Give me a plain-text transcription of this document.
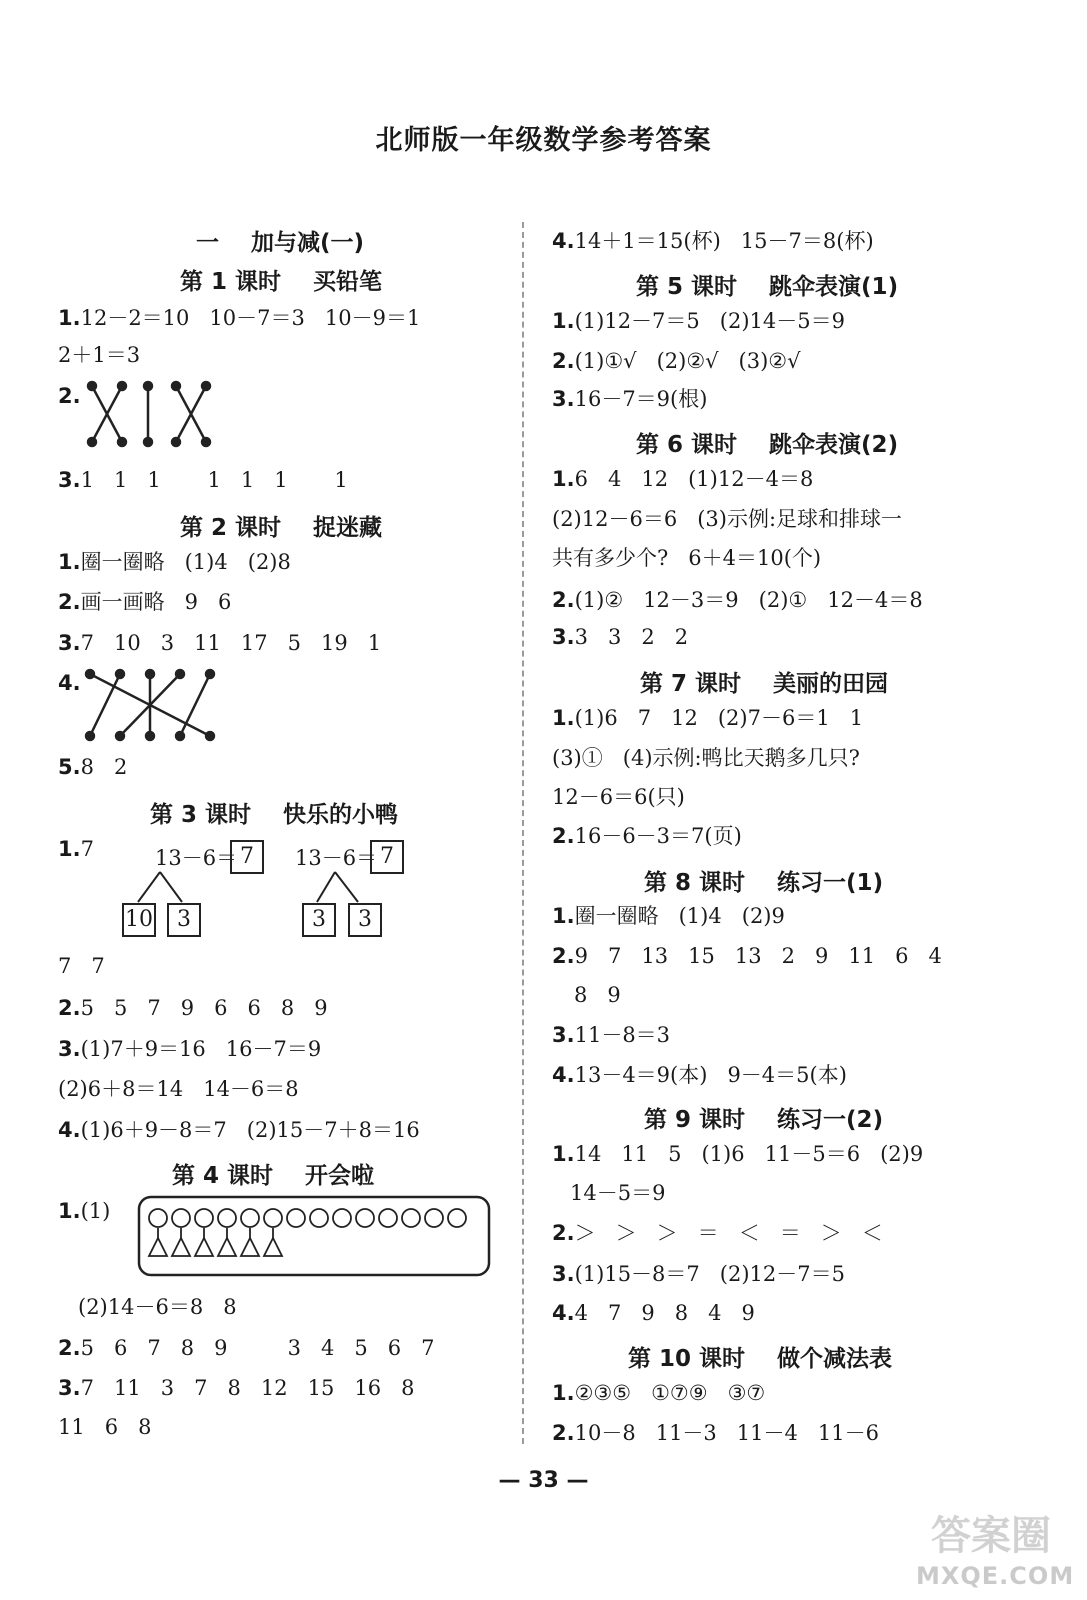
北师版一年级数学参考答案
一    加与减(一)
第 1 课时    买铅笔
1.12－2＝10   10－7＝3   10－9＝1
2＋1＝3
2.
3.1   1   1       1   1   1       1
第 2 课时    捉迷藏
1.圈一圈略   (1)4   (2)8
2.画一画略   9   6
3.7   10   3   11   17   5   19   1
4.
5.8   2
第 3 课时    快乐的小鸭
1.7	13－6＝ 7	13－6＝ 7
10	3	3	3
7   7
2.5   5   7   9   6   6   8   9
3.(1)7＋9＝16   16－7＝9
(2)6＋8＝14   14－6＝8
4.(1)6＋9－8＝7   (2)15－7＋8＝16
第 4 课时    开会啦
1.(1)
(2)14－6＝8   8
2.5   6   7   8   9         3   4   5   6   7
3.7   11   3   7   8   12   15   16   8
11   6   8
4.14＋1＝15(杯)   15－7＝8(杯)
第 5 课时    跳伞表演(1)
1.(1)12－7＝5   (2)14－5＝9
2.(1)①√   (2)②√   (3)②√
3.16－7＝9(根)
第 6 课时    跳伞表演(2)
1.6   4   12   (1)12－4＝8
(2)12－6＝6   (3)示例:足球和排球一
共有多少个?   6＋4＝10(个)
2.(1)②   12－3＝9   (2)①   12－4＝8
3.3   3   2   2
第 7 课时    美丽的田园
1.(1)6   7   12   (2)7－6＝1   1
(3)①   (4)示例:鸭比天鹅多几只?
12－6＝6(只)
2.16－6－3＝7(页)
第 8 课时    练习一(1)
1.圈一圈略   (1)4   (2)9
2.9   7   13   15   13   2   9   11   6   4
8   9
3.11－8＝3
4.13－4＝9(本)   9－4＝5(本)
第 9 课时    练习一(2)
1.14   11   5   (1)6   11－5＝6   (2)9
14－5＝9
2.＞   ＞   ＞   ＝   ＜   ＝   ＞   ＜
3.(1)15－8＝7   (2)12－7＝5
4.4   7   9   8   4   9
第 10 课时    做个减法表
1.②③⑤   ①⑦⑨   ③⑦
2.10－8   11－3   11－4   11－6
— 33 —
答案圈
MXQE.COM
